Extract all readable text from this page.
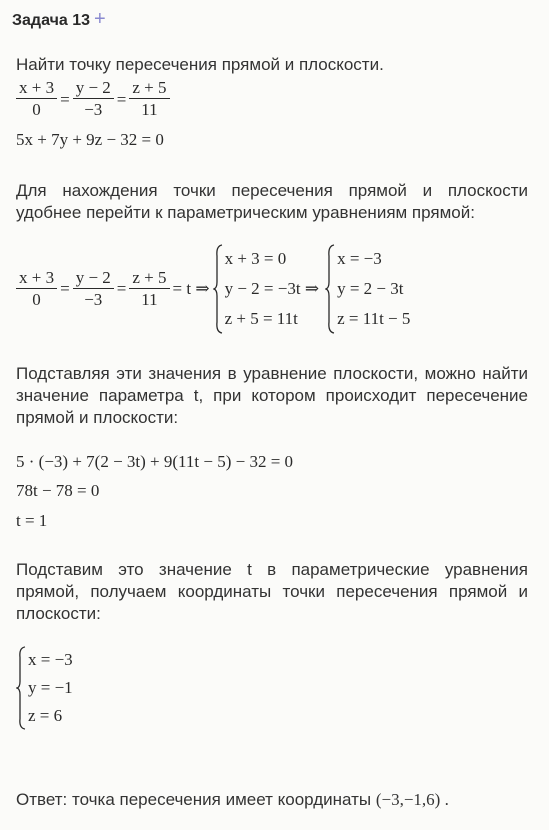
Задача 13 +
Найти точку пересечения прямой и плоскости.
$\frac{x + 3}{0} = \frac{y - 2}{-3} = \frac{z + 5}{11}$
5x + 7y + 9z − 32 = 0
Для нахождения точки пересечения прямой и плоскости удобнее перейти к параметрическим уравнениям прямой:
$\frac{x + 3}{0} = \frac{y - 2}{-3} = \frac{z + 5}{11} = t$ ⇒
x + 3 = 0
y − 2 = −3t ⇒
z + 5 = 11t
x = −3
y = 2 − 3t
z = 11t − 5
Подставляя эти значения в уравнение плоскости, можно найти значение параметра t, при котором происходит пересечение прямой и плоскости:
5 · (−3) + 7(2 − 3t) + 9(11t − 5) − 32 = 0
78t − 78 = 0
t = 1
Подставим это значение t в параметрические уравнения прямой, получаем координаты точки пересечения прямой и плоскости:
x = −3
y = −1
z = 6
Ответ: точка пересечения имеет координаты (−3,−1,6) .
